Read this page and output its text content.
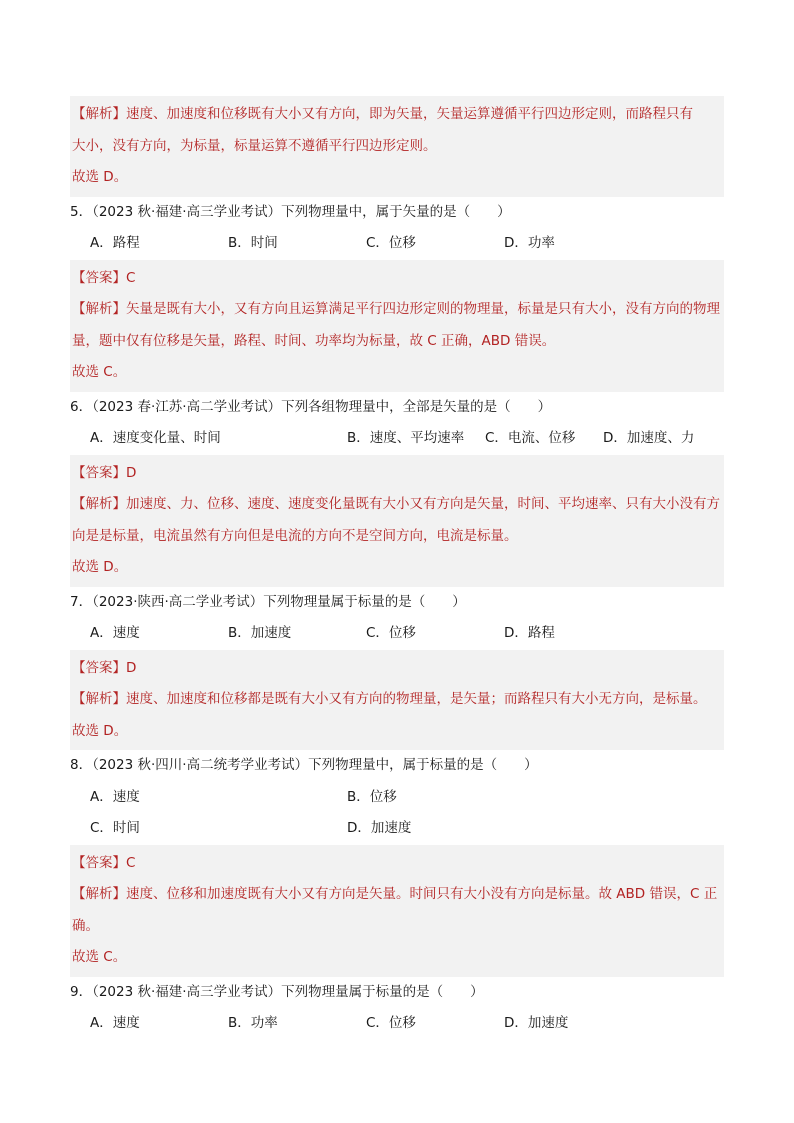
【解析】速度、加速度和位移既有大小又有方向，即为矢量，矢量运算遵循平行四边形定则，而路程只有
大小，没有方向，为标量，标量运算不遵循平行四边形定则。
故选 D。
5．（2023 秋·福建·高三学业考试）下列物理量中，属于矢量的是（　　）
A．路程	B．时间	C．位移	D．功率
【答案】C
【解析】矢量是既有大小，又有方向且运算满足平行四边形定则的物理量，标量是只有大小，没有方向的物理量，题中仅有位移是矢量，路程、时间、功率均为标量，故 C 正确，ABD 错误。
故选 C。
6．（2023 春·江苏·高二学业考试）下列各组物理量中，全部是矢量的是（　　）
A．速度变化量、时间	B．速度、平均速率	C．电流、位移	D．加速度、力
【答案】D
【解析】加速度、力、位移、速度、速度变化量既有大小又有方向是矢量，时间、平均速率、只有大小没有方向是是标量，电流虽然有方向但是电流的方向不是空间方向，电流是标量。
故选 D。
7．（2023·陕西·高二学业考试）下列物理量属于标量的是（　　）
A．速度	B．加速度	C．位移	D．路程
【答案】D
【解析】速度、加速度和位移都是既有大小又有方向的物理量，是矢量；而路程只有大小无方向，是标量。
故选 D。
8．（2023 秋·四川·高二统考学业考试）下列物理量中，属于标量的是（　　）
A．速度	B．位移
C．时间	D．加速度
【答案】C
【解析】速度、位移和加速度既有大小又有方向是矢量。时间只有大小没有方向是标量。故 ABD 错误，C 正确。
故选 C。
9．（2023 秋·福建·高三学业考试）下列物理量属于标量的是（　　）
A．速度	B．功率	C．位移	D．加速度
